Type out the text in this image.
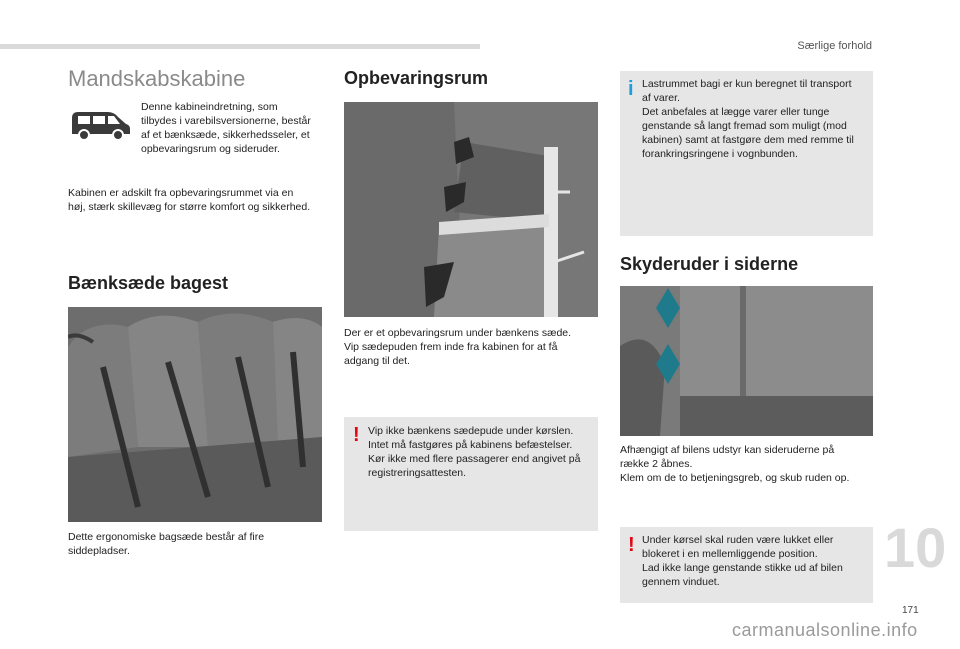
Særlige forhold
Mandskabskabine

Denne kabineindretning, som
tilbydes i varebilsversionerne, består
af et bænksæde, sikkerhedsseler, et
opbevaringsrum og sideruder.

Kabinen er adskilt fra opbevaringsrummet via en
høj, stærk skillevæg for større komfort og sikkerhed.

Bænksæde bagest

Dette ergonomiske bagsæde består af fire
siddepladser.

Opbevaringsrum

Der er et opbevaringsrum under bænkens sæde.
Vip sædepuden frem inde fra kabinen for at få
adgang til det.

! Vip ikke bænkens sædepude under kørslen.
Intet må fastgøres på kabinens befæstelser.
Kør ikke med flere passagerer end angivet på
registreringsattesten.

i Lastrummet bagi er kun beregnet til transport
af varer.
Det anbefales at lægge varer eller tunge
genstande så langt fremad som muligt (mod
kabinen) samt at fastgøre dem med remme til
forankringsringene i vognbunden.

Skyderuder i siderne

Afhængigt af bilens udstyr kan sideruderne på
række 2 åbnes.
Klem om de to betjeningsgreb, og skub ruden op.

! Under kørsel skal ruden være lukket eller
blokeret i en mellemliggende position.
Lad ikke lange genstande stikke ud af bilen
gennem vinduet.

10
171
carmanualsonline.info
